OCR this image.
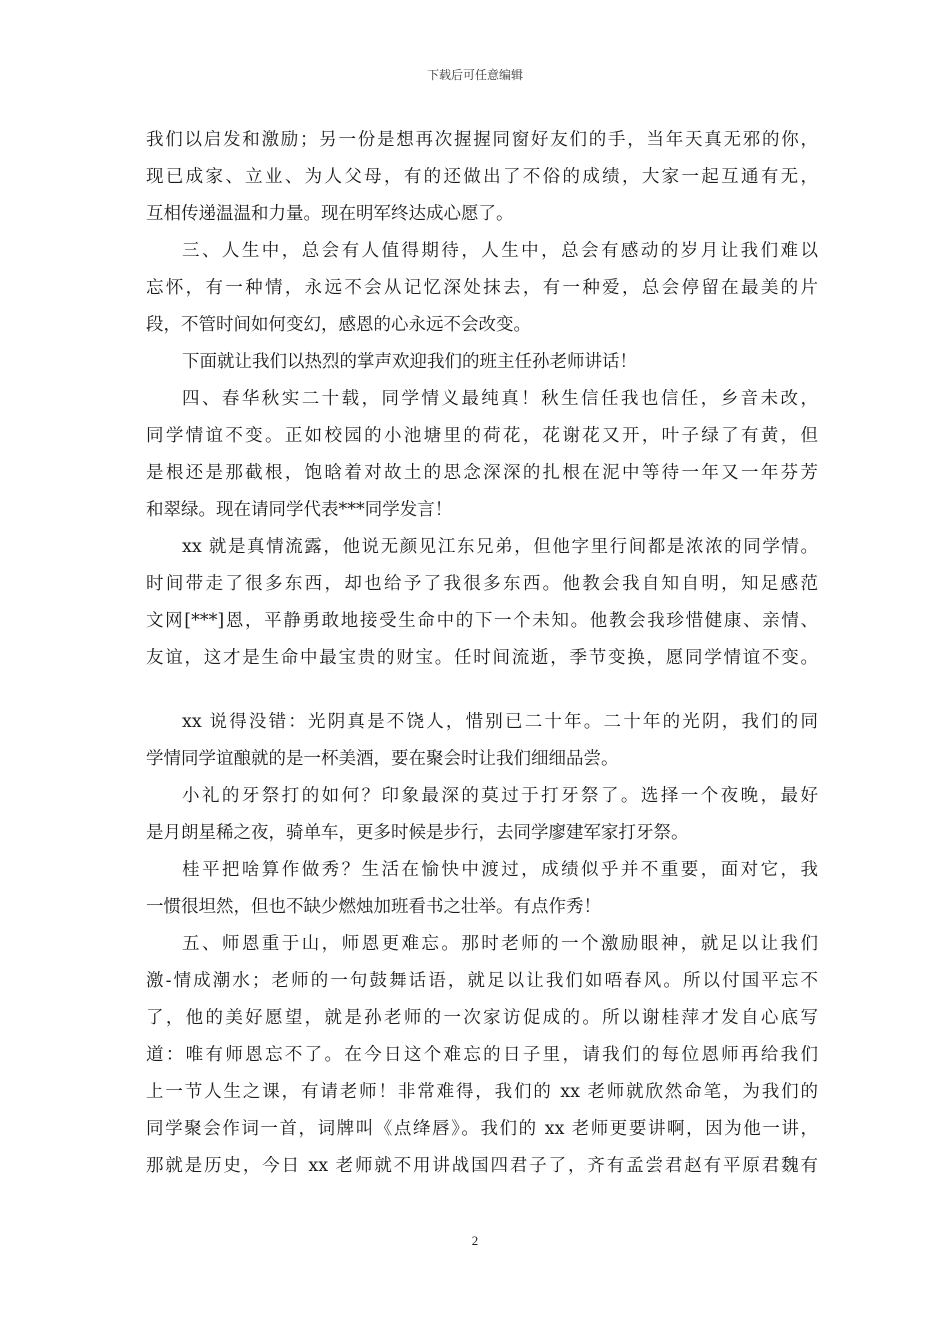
下载后可任意编辑
我们以启发和激励；另一份是想再次握握同窗好友们的手，当年天真无邪的你，
现已成家、立业、为人父母，有的还做出了不俗的成绩，大家一起互通有无，
互相传递温温和力量。现在明军终达成心愿了。
三、人生中，总会有人值得期待，人生中，总会有感动的岁月让我们难以
忘怀，有一种情，永远不会从记忆深处抹去，有一种爱，总会停留在最美的片
段，不管时间如何变幻，感恩的心永远不会改变。
下面就让我们以热烈的掌声欢迎我们的班主任孙老师讲话！
四、春华秋实二十载，同学情义最纯真！秋生信任我也信任，乡音未改，
同学情谊不变。正如校园的小池塘里的荷花，花谢花又开，叶子绿了有黄，但
是根还是那截根，饱晗着对故土的思念深深的扎根在泥中等待一年又一年芬芳
和翠绿。现在请同学代表***同学发言！
xx 就是真情流露，他说无颜见江东兄弟，但他字里行间都是浓浓的同学情。
时间带走了很多东西，却也给予了我很多东西。他教会我自知自明，知足感范
文网[***]恩，平静勇敢地接受生命中的下一个未知。他教会我珍惜健康、亲情、
友谊，这才是生命中最宝贵的财宝。任时间流逝，季节变换，愿同学情谊不变。
xx 说得没错：光阴真是不饶人，惜别已二十年。二十年的光阴，我们的同
学情同学谊酿就的是一杯美酒，要在聚会时让我们细细品尝。
小礼的牙祭打的如何？印象最深的莫过于打牙祭了。选择一个夜晚，最好
是月朗星稀之夜，骑单车，更多时候是步行，去同学廖建军家打牙祭。
桂平把啥算作做秀？生活在愉快中渡过，成绩似乎并不重要，面对它，我
一惯很坦然，但也不缺少燃烛加班看书之壮举。有点作秀！
五、师恩重于山，师恩更难忘。那时老师的一个激励眼神，就足以让我们
激-情成潮水；老师的一句鼓舞话语，就足以让我们如唔春风。所以付国平忘不
了，他的美好愿望，就是孙老师的一次家访促成的。所以谢桂萍才发自心底写
道：唯有师恩忘不了。在今日这个难忘的日子里，请我们的每位恩师再给我们
上一节人生之课，有请老师！非常难得，我们的 xx 老师就欣然命笔，为我们的
同学聚会作词一首，词牌叫《点绛唇》。我们的 xx 老师更要讲啊，因为他一讲，
那就是历史，今日 xx 老师就不用讲战国四君子了，齐有孟尝君赵有平原君魏有
2
